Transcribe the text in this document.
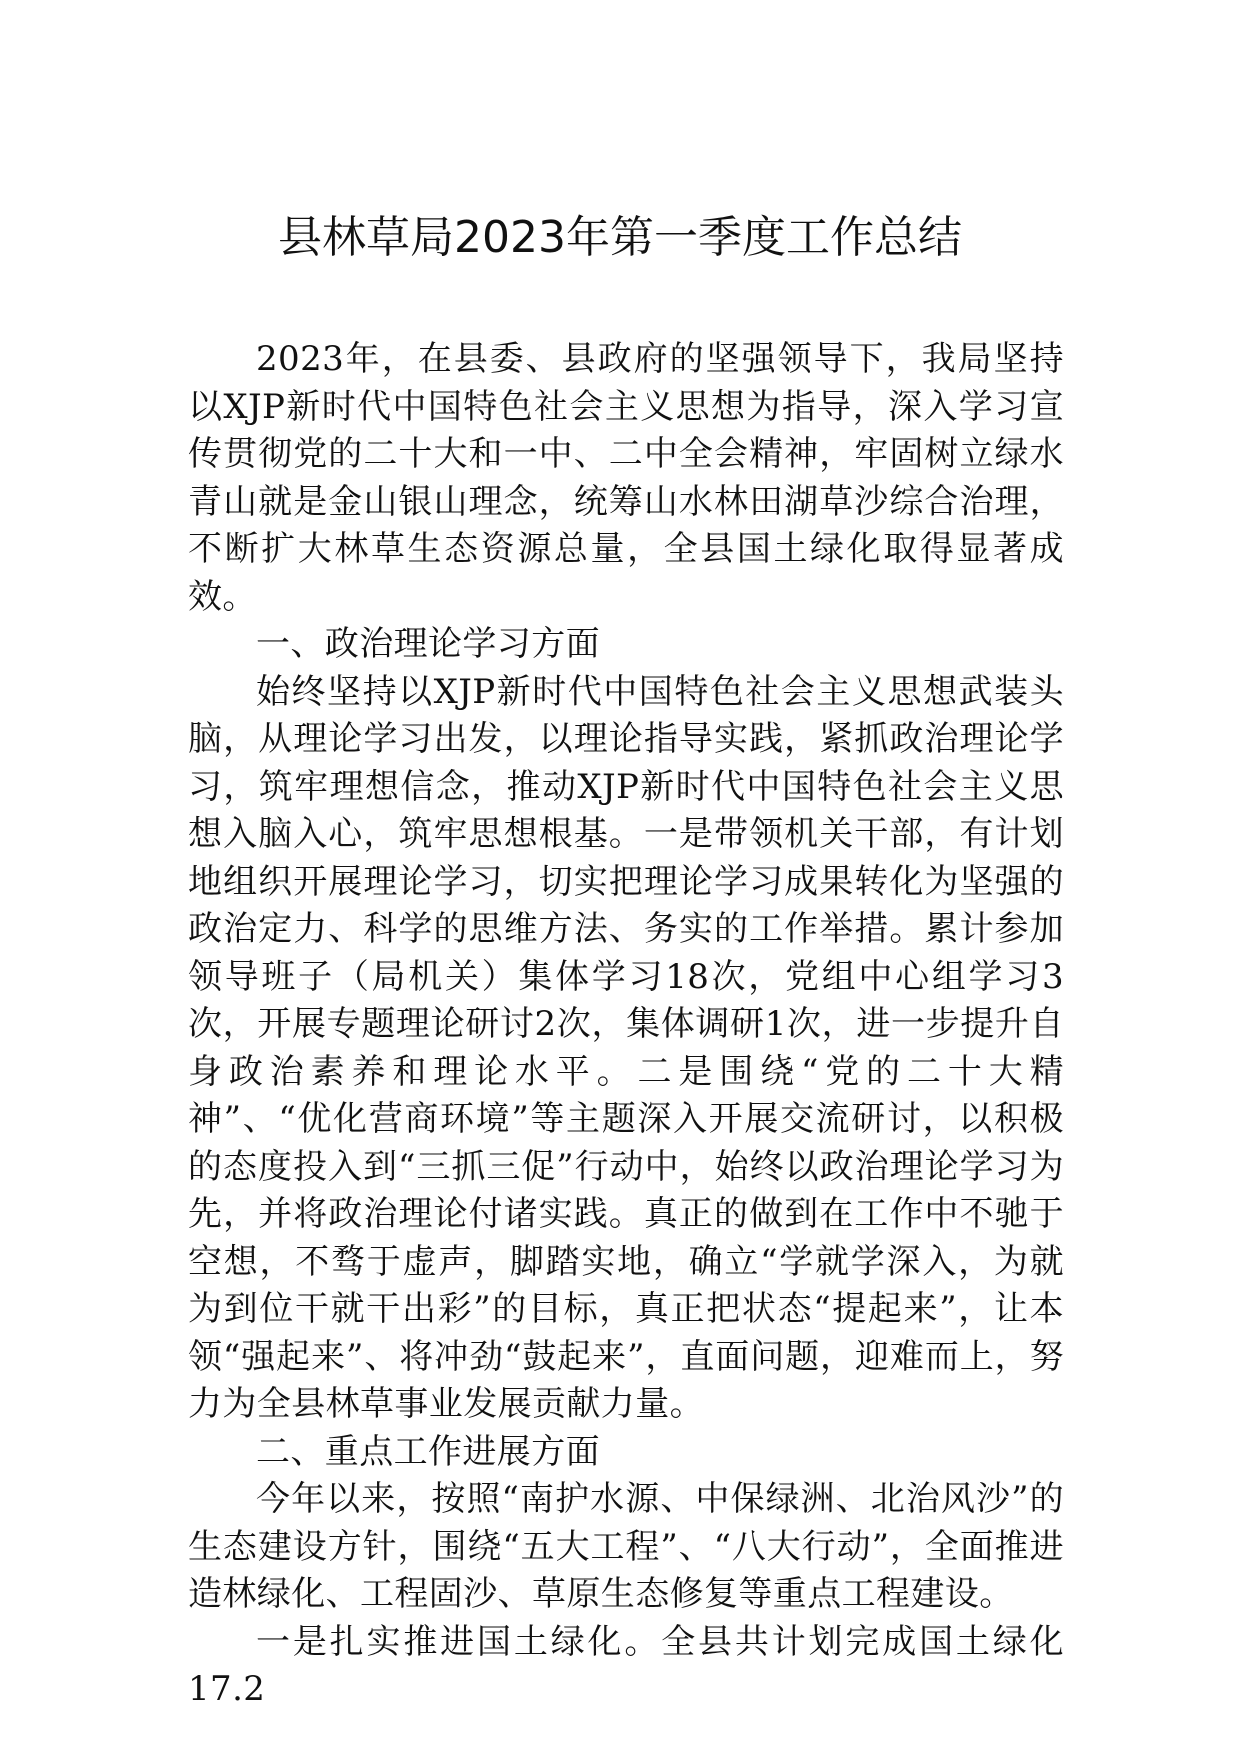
县林草局2023年第一季度工作总结

2023年，在县委、县政府的坚强领导下，我局坚持以XJP新时代中国特色社会主义思想为指导，深入学习宣传贯彻党的二十大和一中、二中全会精神，牢固树立绿水青山就是金山银山理念，统筹山水林田湖草沙综合治理，不断扩大林草生态资源总量，全县国土绿化取得显著成效。

一、政治理论学习方面

始终坚持以XJP新时代中国特色社会主义思想武装头脑，从理论学习出发，以理论指导实践，紧抓政治理论学习，筑牢理想信念，推动XJP新时代中国特色社会主义思想入脑入心，筑牢思想根基。一是带领机关干部，有计划地组织开展理论学习，切实把理论学习成果转化为坚强的政治定力、科学的思维方法、务实的工作举措。累计参加领导班子（局机关）集体学习18次，党组中心组学习3次，开展专题理论研讨2次，集体调研1次，进一步提升自身政治素养和理论水平。二是围绕“党的二十大精神”、“优化营商环境”等主题深入开展交流研讨，以积极的态度投入到“三抓三促”行动中，始终以政治理论学习为先，并将政治理论付诸实践。真正的做到在工作中不驰于空想，不骛于虚声，脚踏实地，确立“学就学深入，为就为到位干就干出彩”的目标，真正把状态“提起来”，让本领“强起来”、将冲劲“鼓起来”，直面问题，迎难而上，努力为全县林草事业发展贡献力量。

二、重点工作进展方面

今年以来，按照“南护水源、中保绿洲、北治风沙”的生态建设方针，围绕“五大工程”、“八大行动”，全面推进造林绿化、工程固沙、草原生态修复等重点工程建设。

一是扎实推进国土绿化。全县共计划完成国土绿化17.2
